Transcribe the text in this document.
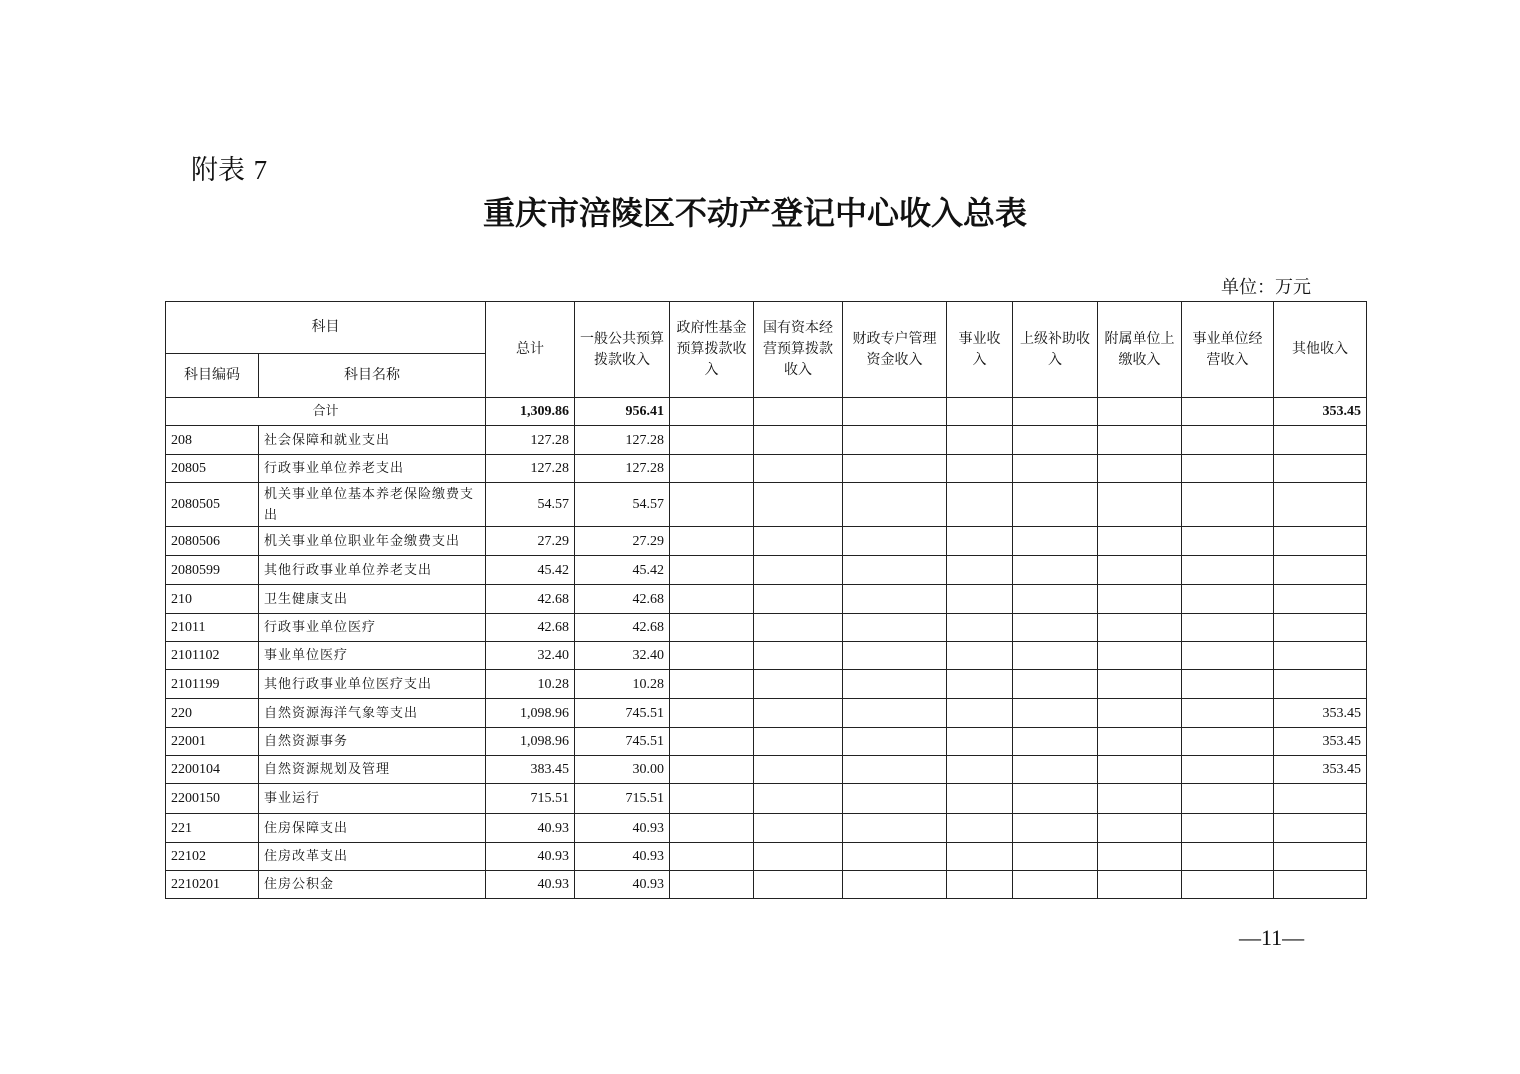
附表 7
重庆市涪陵区不动产登记中心收入总表
单位：万元
科目		总计	一般公共预算拨款收入	政府性基金预算拨款收入	国有资本经营预算拨款收入	财政专户管理资金收入	事业收入	上级补助收入	附属单位上缴收入	事业单位经营收入	其他收入
科目编码	科目名称										
合计		1,309.86	956.41								353.45
208	社会保障和就业支出	127.28	127.28								
20805	行政事业单位养老支出	127.28	127.28								
2080505	机关事业单位基本养老保险缴费支出	54.57	54.57								
2080506	机关事业单位职业年金缴费支出	27.29	27.29								
2080599	其他行政事业单位养老支出	45.42	45.42								
210	卫生健康支出	42.68	42.68								
21011	行政事业单位医疗	42.68	42.68								
2101102	事业单位医疗	32.40	32.40								
2101199	其他行政事业单位医疗支出	10.28	10.28								
220	自然资源海洋气象等支出	1,098.96	745.51								353.45
22001	自然资源事务	1,098.96	745.51								353.45
2200104	自然资源规划及管理	383.45	30.00								353.45
2200150	事业运行	715.51	715.51								
221	住房保障支出	40.93	40.93								
22102	住房改革支出	40.93	40.93								
2210201	住房公积金	40.93	40.93								
—11—
